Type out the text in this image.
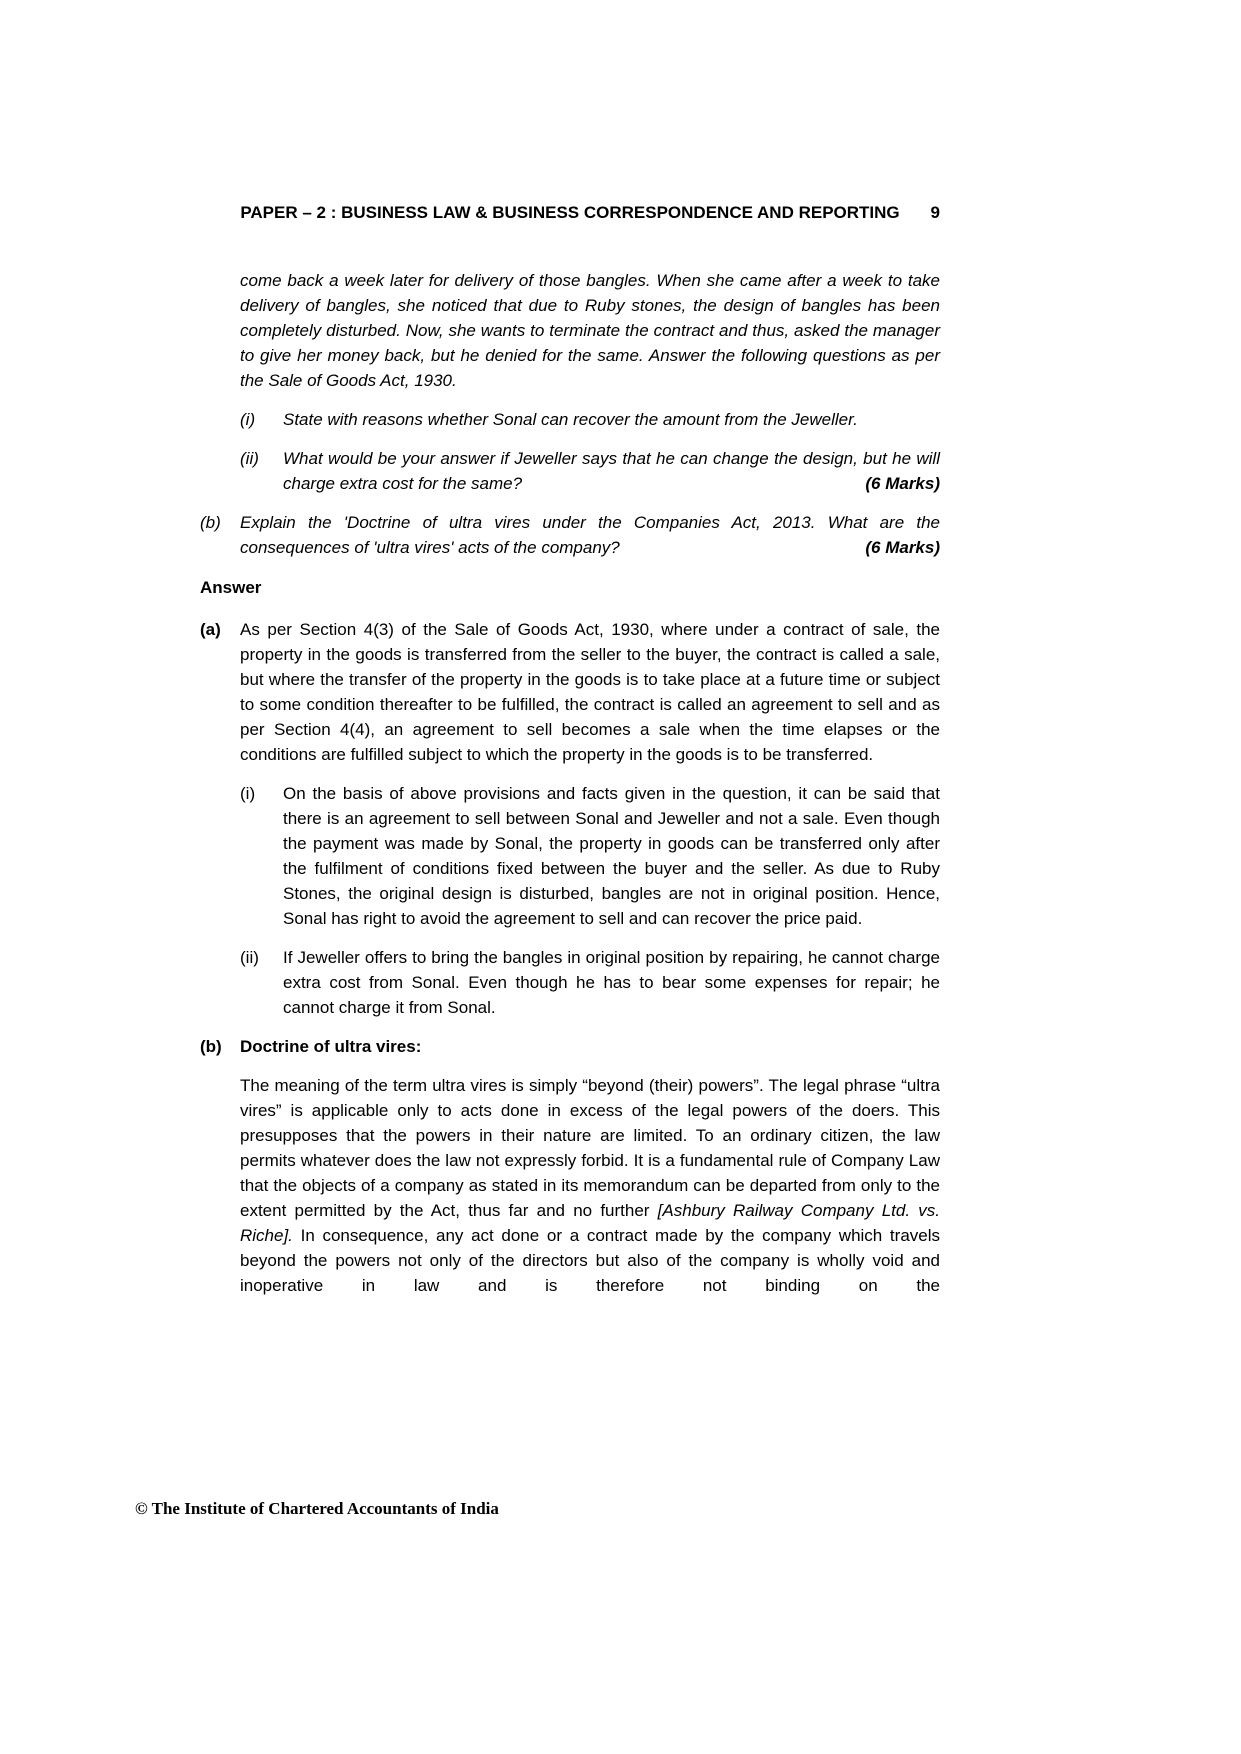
PAPER – 2 : BUSINESS LAW & BUSINESS CORRESPONDENCE AND REPORTING 9
come back a week later for delivery of those bangles. When she came after a week to take delivery of bangles, she noticed that due to Ruby stones, the design of bangles has been completely disturbed. Now, she wants to terminate the contract and thus, asked the manager to give her money back, but he denied for the same. Answer the following questions as per the Sale of Goods Act, 1930.
(i)	State with reasons whether Sonal can recover the amount from the Jeweller.
(ii)	What would be your answer if Jeweller says that he can change the design, but he will charge extra cost for the same?	(6 Marks)
(b)	Explain the 'Doctrine of ultra vires under the Companies Act, 2013. What are the consequences of 'ultra vires' acts of the company?	(6 Marks)
Answer
(a)	As per Section 4(3) of the Sale of Goods Act, 1930, where under a contract of sale, the property in the goods is transferred from the seller to the buyer, the contract is called a sale, but where the transfer of the property in the goods is to take place at a future time or subject to some condition thereafter to be fulfilled, the contract is called an agreement to sell and as per Section 4(4), an agreement to sell becomes a sale when the time elapses or the conditions are fulfilled subject to which the property in the goods is to be transferred.
(i)	On the basis of above provisions and facts given in the question, it can be said that there is an agreement to sell between Sonal and Jeweller and not a sale. Even though the payment was made by Sonal, the property in goods can be transferred only after the fulfilment of conditions fixed between the buyer and the seller. As due to Ruby Stones, the original design is disturbed, bangles are not in original position. Hence, Sonal has right to avoid the agreement to sell and can recover the price paid.
(ii)	If Jeweller offers to bring the bangles in original position by repairing, he cannot charge extra cost from Sonal. Even though he has to bear some expenses for repair; he cannot charge it from Sonal.
(b)	Doctrine of ultra vires:
The meaning of the term ultra vires is simply “beyond (their) powers”. The legal phrase “ultra vires” is applicable only to acts done in excess of the legal powers of the doers. This presupposes that the powers in their nature are limited. To an ordinary citizen, the law permits whatever does the law not expressly forbid. It is a fundamental rule of Company Law that the objects of a company as stated in its memorandum can be departed from only to the extent permitted by the Act, thus far and no further [Ashbury Railway Company Ltd. vs. Riche]. In consequence, any act done or a contract made by the company which travels beyond the powers not only of the directors but also of the company is wholly void and inoperative in law and is therefore not binding on the
© The Institute of Chartered Accountants of India
